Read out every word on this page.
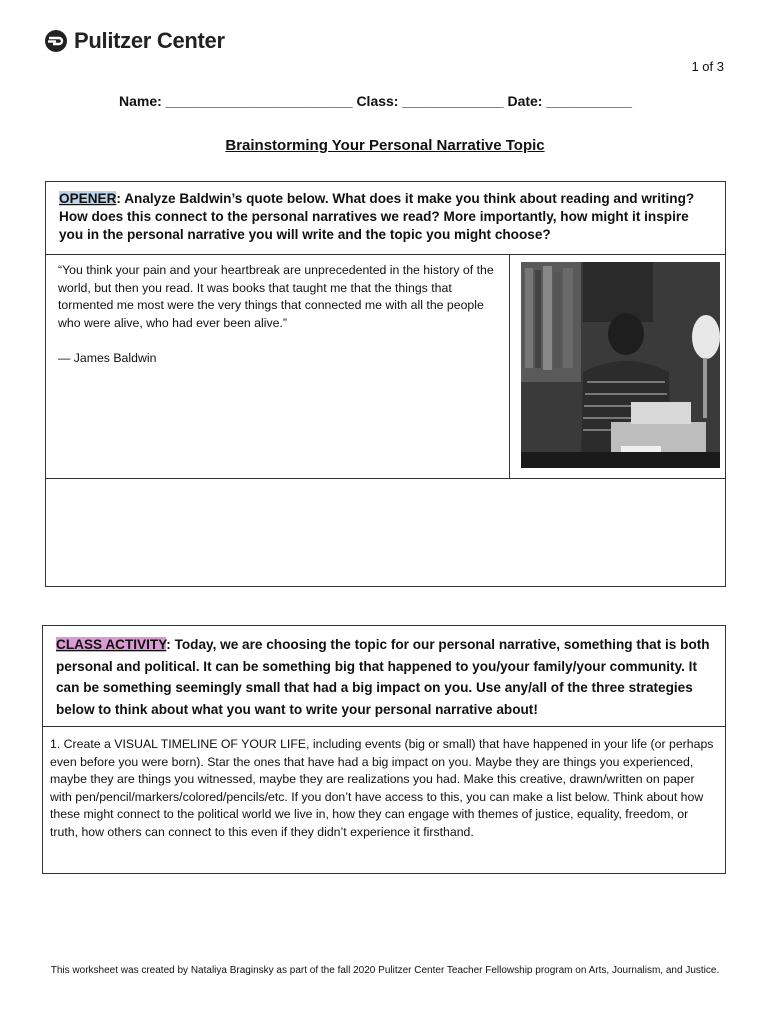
Pulitzer Center
1 of 3
Name: ________________________ Class: _____________ Date: ___________
Brainstorming Your Personal Narrative Topic
OPENER: Analyze Baldwin’s quote below. What does it make you think about reading and writing? How does this connect to the personal narratives we read? More importantly, how might it inspire you in the personal narrative you will write and the topic you might choose?
“You think your pain and your heartbreak are unprecedented in the history of the world, but then you read. It was books that taught me that the things that tormented me most were the very things that connected me with all the people who were alive, who had ever been alive.”
— James Baldwin
CLASS ACTIVITY: Today, we are choosing the topic for our personal narrative, something that is both personal and political. It can be something big that happened to you/your family/your community. It can be something seemingly small that had a big impact on you. Use any/all of the three strategies below to think about what you want to write your personal narrative about!
1. Create a VISUAL TIMELINE OF YOUR LIFE, including events (big or small) that have happened in your life (or perhaps even before you were born). Star the ones that have had a big impact on you. Maybe they are things you experienced, maybe they are things you witnessed, maybe they are realizations you had. Make this creative, drawn/written on paper with pen/pencil/markers/colored/pencils/etc. If you don’t have access to this, you can make a list below. Think about how these might connect to the political world we live in, how they can engage with themes of justice, equality, freedom, or truth, how others can connect to this even if they didn’t experience it firsthand.
This worksheet was created by Nataliya Braginsky as part of the fall 2020 Pulitzer Center Teacher Fellowship program on Arts, Journalism, and Justice.
